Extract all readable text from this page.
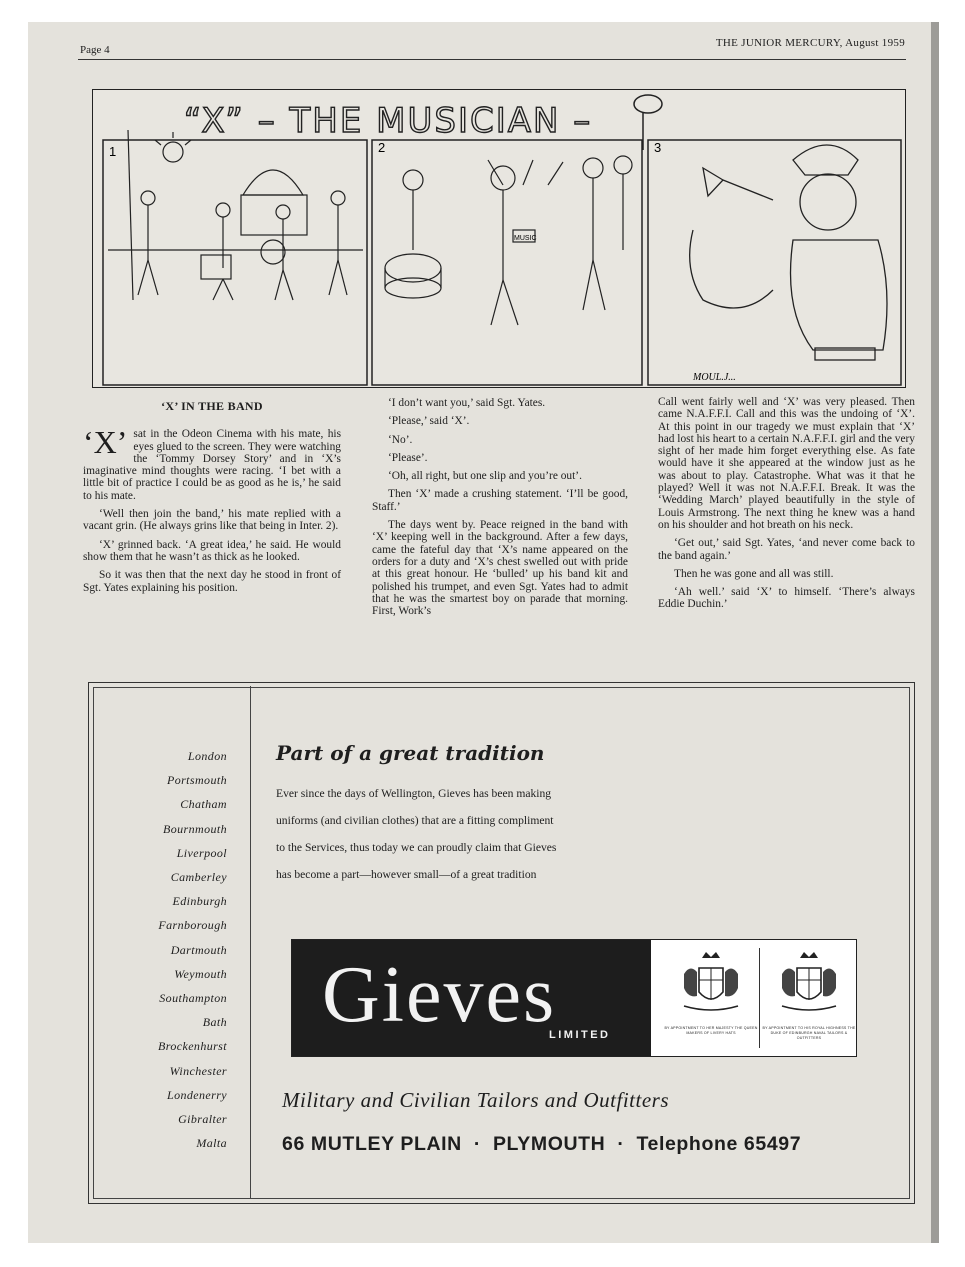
Page 4
THE JUNIOR MERCURY, August 1959
“X” – THE MUSICIAN –
1	2	3
MUSIC
MOUL.J...
‘X’ IN THE BAND

‘X’ sat in the Odeon Cinema with his mate, his eyes glued to the screen. They were watching the ‘Tommy Dorsey Story’ and in ‘X’s imaginative mind thoughts were racing. ‘I bet with a little bit of practice I could be as good as he is,’ he said to his mate.

‘Well then join the band,’ his mate replied with a vacant grin. (He always grins like that being in Inter. 2).

‘X’ grinned back. ‘A great idea,’ he said. He would show them that he wasn’t as thick as he looked.

So it was then that the next day he stood in front of Sgt. Yates explaining his position.

‘I don’t want you,’ said Sgt. Yates.

‘Please,’ said ‘X’.

‘No’.

‘Please’.

‘Oh, all right, but one slip and you’re out’.

Then ‘X’ made a crushing statement. ‘I’ll be good, Staff.’

The days went by. Peace reigned in the band with ‘X’ keeping well in the background. After a few days, came the fateful day that ‘X’s name appeared on the orders for a duty and ‘X’s chest swelled out with pride at this great honour. He ‘bulled’ up his band kit and polished his trumpet, and even Sgt. Yates had to admit that he was the smartest boy on parade that morning. First, Work’s

Call went fairly well and ‘X’ was very pleased. Then came N.A.F.F.I. Call and this was the undoing of ‘X’. At this point in our tragedy we must explain that ‘X’ had lost his heart to a certain N.A.F.F.I. girl and the very sight of her made him forget everything else. As fate would have it she appeared at the window just as he was about to play. Catastrophe. What was it that he played? Well it was not N.A.F.F.I. Break. It was the ‘Wedding March’ played beautifully in the style of Louis Armstrong. The next thing he knew was a hand on his shoulder and hot breath on his neck.

‘Get out,’ said Sgt. Yates, ‘and never come back to the band again.’

Then he was gone and all was still.

‘Ah well.’ said ‘X’ to himself. ‘There’s always Eddie Duchin.’

London
Portsmouth
Chatham
Bournmouth
Liverpool
Camberley
Edinburgh
Farnborough
Dartmouth
Weymouth
Southampton
Bath
Brockenhurst
Winchester
Londenerry
Gibralter
Malta
Part of a great tradition
Ever since the days of Wellington, Gieves has been making
uniforms (and civilian clothes) that are a fitting compliment
to the Services, thus today we can proudly claim that Gieves
has become a part—however small—of a great tradition
Gieves
LIMITED
BY APPOINTMENT TO HER MAJESTY THE QUEEN MAKERS OF LIVERY HATS
BY APPOINTMENT TO HIS ROYAL HIGHNESS THE DUKE OF EDINBURGH NAVAL TAILORS & OUTFITTERS
Military and Civilian Tailors and Outfitters
66 MUTLEY PLAIN · PLYMOUTH · Telephone 65497
